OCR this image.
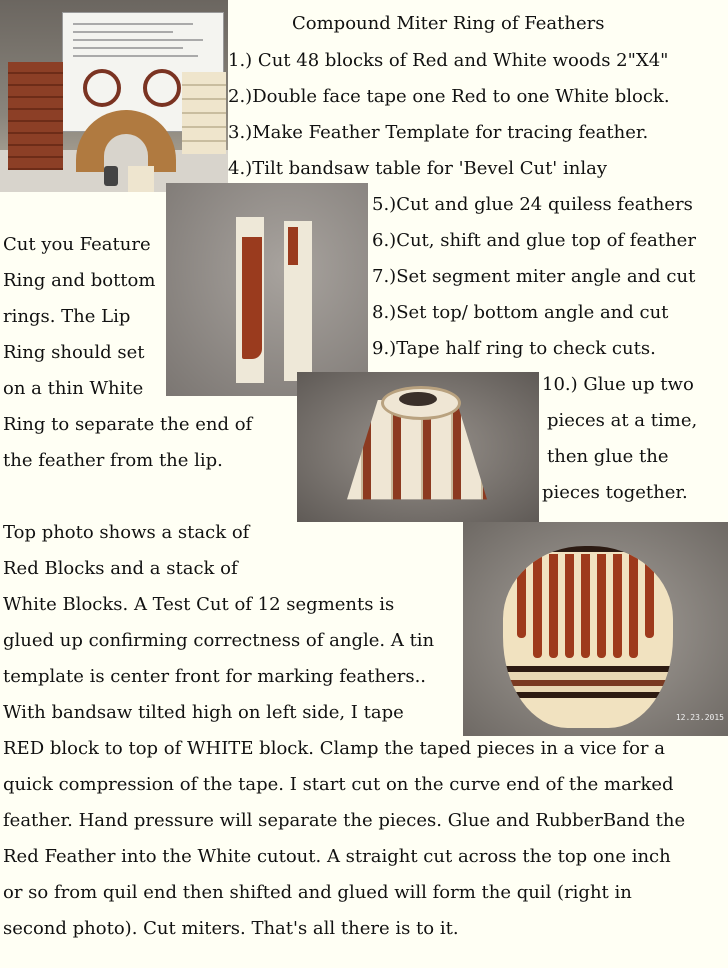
12.23.2015
Compound Miter Ring of Feathers
1.) Cut 48 blocks of Red and White woods 2"X4"
2.)Double face tape one Red to one White block.
3.)Make Feather Template for tracing feather.
4.)Tilt bandsaw table for 'Bevel Cut' inlay
5.)Cut and glue 24 quiless feathers
6.)Cut, shift and glue top of feather
7.)Set segment miter angle and cut
8.)Set top/ bottom angle and cut
9.)Tape half ring to check cuts.
10.) Glue up two
pieces at a time,
then glue the
pieces together.
Cut you Feature
Ring and bottom
rings. The Lip
Ring should set
on a thin White
Ring to separate the end of
the feather from the lip.
Top photo shows a stack of
Red Blocks and a stack of
White Blocks. A Test Cut of 12 segments is
glued up confirming correctness of angle. A tin
template is center front for marking feathers..
With bandsaw tilted high on left side, I tape
RED block to top of WHITE block. Clamp the taped pieces in a vice for a
quick compression of the tape. I start cut on the curve end of the marked
feather. Hand pressure will separate the pieces. Glue and RubberBand the
Red Feather into the White cutout. A straight cut across the top one inch
or so from quil end then shifted and glued will form the quil (right in
second photo). Cut miters. That's all there is to it.
